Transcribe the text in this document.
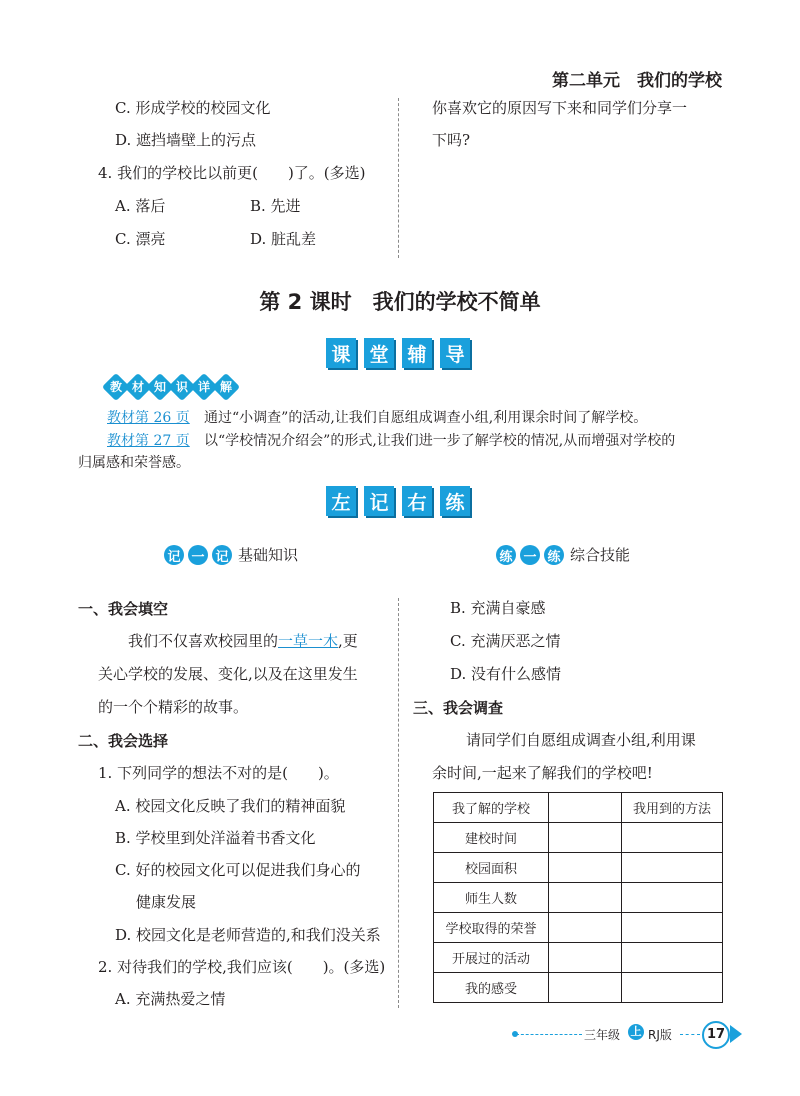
第二单元　我们的学校
C. 形成学校的校园文化
D. 遮挡墙壁上的污点
4. 我们的学校比以前更( )了。(多选)
A. 落后	B. 先进
C. 漂亮	D. 脏乱差
你喜欢它的原因写下来和同学们分享一
下吗?
第 2 课时　我们的学校不简单
课 堂 辅 导
教 材 知 识 详 解
教材第 26 页 通过“小调查”的活动,让我们自愿组成调查小组,利用课余时间了解学校。
教材第 27 页 以“学校情况介绍会”的形式,让我们进一步了解学校的情况,从而增强对学校的
归属感和荣誉感。
左 记 右 练
记 一 记 基础知识	练 一 练 综合技能
一、我会填空
我们不仅喜欢校园里的一草一木,更
关心学校的发展、变化,以及在这里发生
的一个个精彩的故事。
二、我会选择
1. 下列同学的想法不对的是( )。
A. 校园文化反映了我们的精神面貌
B. 学校里到处洋溢着书香文化
C. 好的校园文化可以促进我们身心的
健康发展
D. 校园文化是老师营造的,和我们没关系
2. 对待我们的学校,我们应该( )。(多选)
A. 充满热爱之情
B. 充满自豪感
C. 充满厌恶之情
D. 没有什么感情
三、我会调查
请同学们自愿组成调查小组,利用课
余时间,一起来了解我们的学校吧!
我了解的学校		我用到的方法
建校时间		
校园面积		
师生人数		
学校取得的荣誉		
开展过的活动		
我的感受		
三年级 上 RJ版	17
